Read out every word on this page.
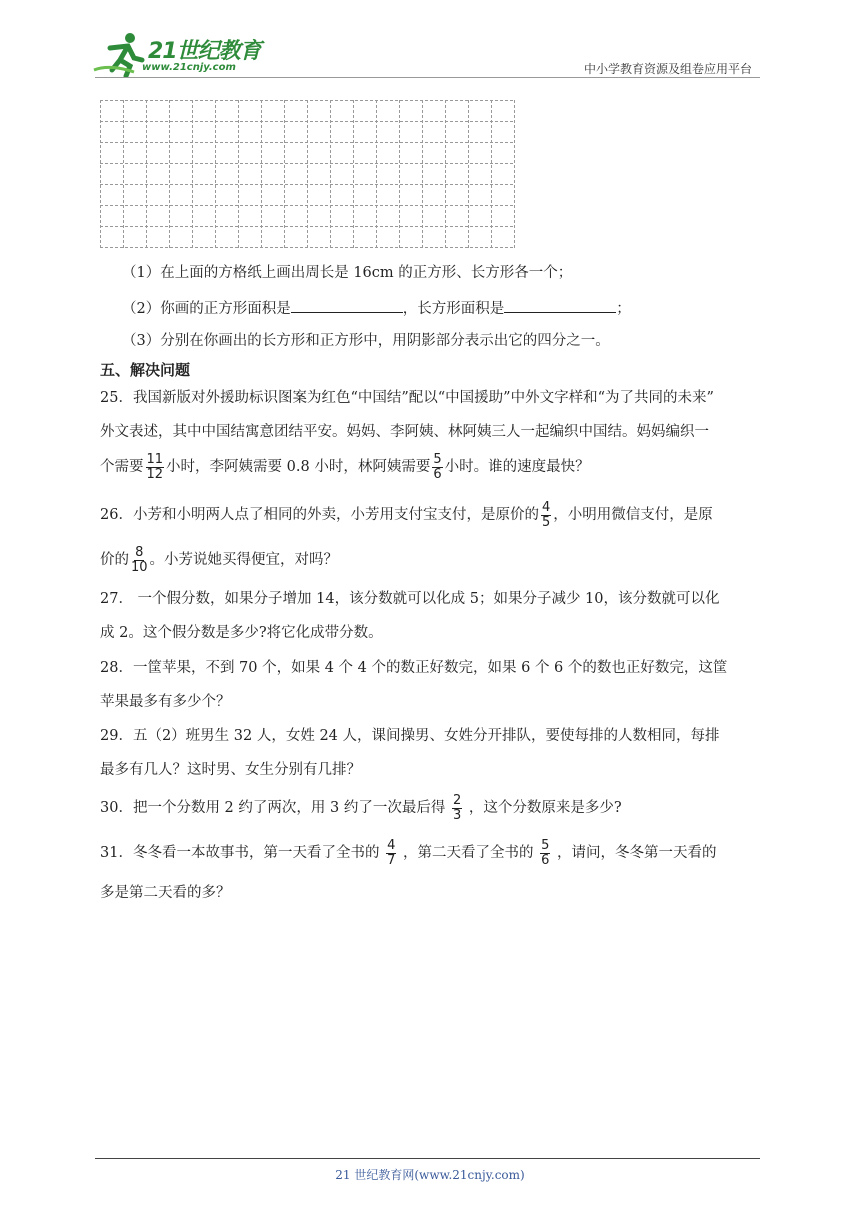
21世纪教育
www.21cnjy.com	中小学教育资源及组卷应用平台
（1）在上面的方格纸上画出周长是 16cm 的正方形、长方形各一个；
（2）你画的正方形面积是	，长方形面积是	；
（3）分别在你画出的长方形和正方形中，用阴影部分表示出它的四分之一。
五、解决问题
25．我国新版对外援助标识图案为红色“中国结”配以“中国援助”中外文字样和“为了共同的未来”
外文表述，其中中国结寓意团结平安。妈妈、李阿姨、林阿姨三人一起编织中国结。妈妈编织一
个需要 $\frac{11}{12}$ 小时，李阿姨需要 0.8 小时，林阿姨需要 $\frac{5}{6}$ 小时。谁的速度最快？
26．小芳和小明两人点了相同的外卖，小芳用支付宝支付，是原价的 $\frac{4}{5}$ ，小明用微信支付，是原
价的 $\frac{8}{10}$ 。小芳说她买得便宜，对吗？
27． 一个假分数，如果分子增加 14，该分数就可以化成 5；如果分子减少 10，该分数就可以化
成 2。这个假分数是多少?将它化成带分数。
28．一筐苹果，不到 70 个，如果 4 个 4 个的数正好数完，如果 6 个 6 个的数也正好数完，这筐
苹果最多有多少个？
29．五（2）班男生 32 人，女姓 24 人，课间操男、女姓分开排队，要使每排的人数相同，每排
最多有几人？这时男、女生分别有几排？
30．把一个分数用 2 约了两次，用 3 约了一次最后得 $\frac{2}{3}$ ，这个分数原来是多少?
31．冬冬看一本故事书，第一天看了全书的 $\frac{4}{7}$ ，第二天看了全书的 $\frac{5}{6}$ ，请问，冬冬第一天看的
多是第二天看的多？
21 世纪教育网(www.21cnjy.com)
